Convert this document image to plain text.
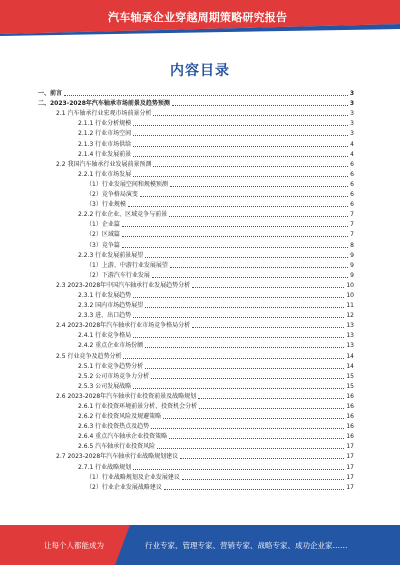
汽车轴承企业穿越周期策略研究报告
内容目录
一、前言	3
二、2023-2028年汽车轴承市场前景及趋势预测	3
2.1 汽车轴承行业宏观市场前景分析	3
2.1.1 行业分析规模	3
2.1.2 行业市场空间	3
2.1.3 行业市场供给	4
2.1.4 行业发展前景	4
2.2 我国汽车轴承行业发展前景预测	6
2.2.1 行业市场发展	6
（1）行业发展空间和规模预测	6
（2）竞争格局演变	6
（3）行业规模	6
2.2.2 行业企业、区域竞争与前景	7
（1）企业篇	7
（2）区域篇	7
（3）竞争篇	8
2.2.3 行业发展前景展望	9
（1）上游、中游行业发展展望	9
（2）下游汽车行业发展	9
2.3 2023-2028年中国汽车轴承行业发展趋势分析	10
2.3.1 行业发展趋势	10
2.3.2 国内市场趋势展望	11
2.3.3 进、出口趋势	12
2.4 2023-2028年汽车轴承行业市场竞争格局分析	13
2.4.1 行业竞争格局	13
2.4.2 重点企业市场份额	13
2.5 行业竞争及趋势分析	14
2.5.1 行业竞争趋势分析	14
2.5.2 公司市场竞争力分析	15
2.5.3 公司发展战略	15
2.6 2023-2028年汽车轴承行业投资前景及战略规划	16
2.6.1 行业投资环境前景分析、投资机会分析	16
2.6.2 行业投资风险及规避策略	16
2.6.3 行业投资热点及趋势	16
2.6.4 重点汽车轴承企业投资策略	16
2.6.5 汽车轴承行业投资风险	17
2.7 2023-2028年汽车轴承行业战略规划建议	17
2.7.1 行业战略规划	17
（1）行业战略规划及企业发展建议	17
（2）行业企业发展战略建议	17
让每个人都能成为	行业专家、管理专家、营销专家、战略专家、成功企业家……
